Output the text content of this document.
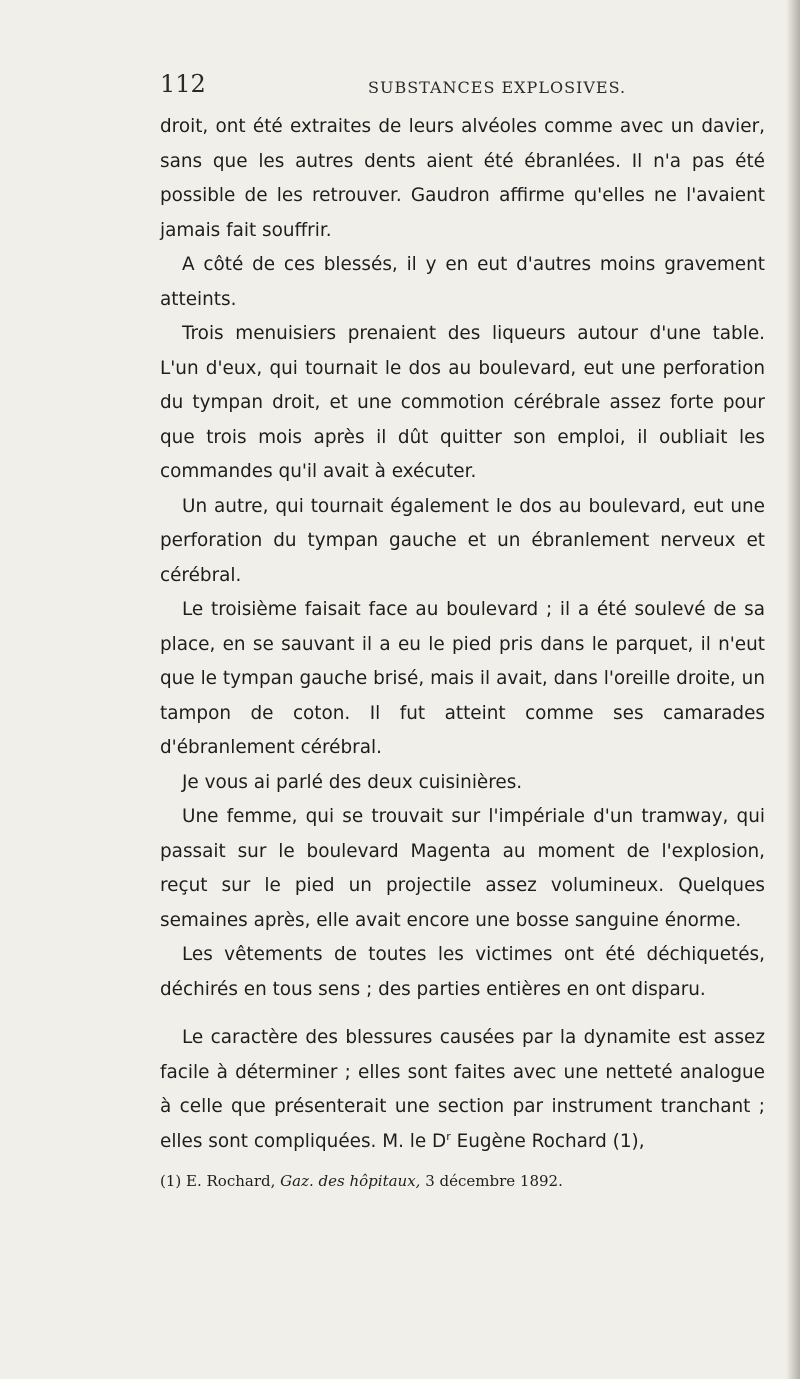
112	SUBSTANCES EXPLOSIVES.

droit, ont été extraites de leurs alvéoles comme avec un davier, sans que les autres dents aient été ébranlées. Il n'a pas été possible de les retrouver. Gaudron affirme qu'elles ne l'avaient jamais fait souffrir.

A côté de ces blessés, il y en eut d'autres moins gravement atteints.

Trois menuisiers prenaient des liqueurs autour d'une table. L'un d'eux, qui tournait le dos au boulevard, eut une perforation du tympan droit, et une commotion cérébrale assez forte pour que trois mois après il dût quitter son emploi, il oubliait les commandes qu'il avait à exécuter.

Un autre, qui tournait également le dos au boulevard, eut une perforation du tympan gauche et un ébranlement nerveux et cérébral.

Le troisième faisait face au boulevard ; il a été soulevé de sa place, en se sauvant il a eu le pied pris dans le parquet, il n'eut que le tympan gauche brisé, mais il avait, dans l'oreille droite, un tampon de coton. Il fut atteint comme ses camarades d'ébranlement cérébral.

Je vous ai parlé des deux cuisinières.

Une femme, qui se trouvait sur l'impériale d'un tramway, qui passait sur le boulevard Magenta au moment de l'explosion, reçut sur le pied un projectile assez volumineux. Quelques semaines après, elle avait encore une bosse sanguine énorme.

Les vêtements de toutes les victimes ont été déchiquetés, déchirés en tous sens ; des parties entières en ont disparu.

Le caractère des blessures causées par la dynamite est assez facile à déterminer ; elles sont faites avec une netteté analogue à celle que présenterait une section par instrument tranchant ; elles sont compliquées. M. le $D^r$ Eugène Rochard (1),

(1) E. Rochard, Gaz. des hôpitaux, 3 décembre 1892.
